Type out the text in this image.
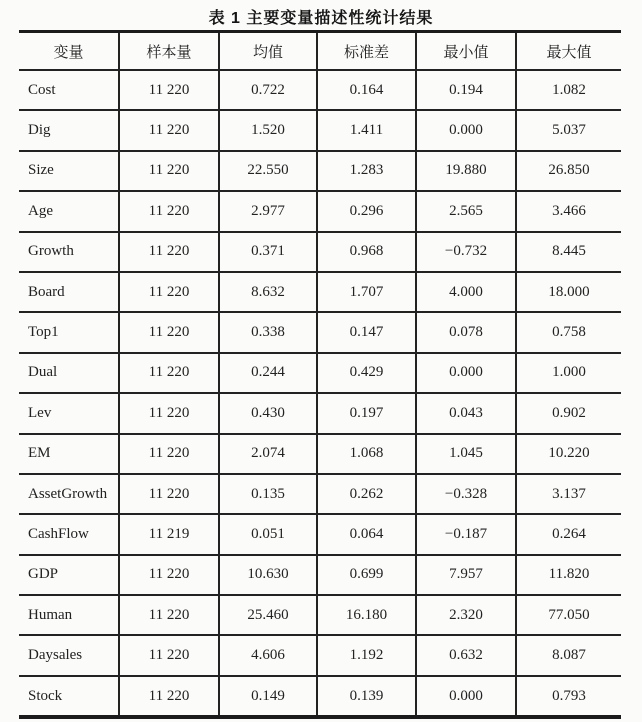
表 1 主要变量描述性统计结果
变量	样本量	均值	标准差	最小值	最大值
Cost	11 220	0.722	0.164	0.194	1.082
Dig	11 220	1.520	1.411	0.000	5.037
Size	11 220	22.550	1.283	19.880	26.850
Age	11 220	2.977	0.296	2.565	3.466
Growth	11 220	0.371	0.968	−0.732	8.445
Board	11 220	8.632	1.707	4.000	18.000
Top1	11 220	0.338	0.147	0.078	0.758
Dual	11 220	0.244	0.429	0.000	1.000
Lev	11 220	0.430	0.197	0.043	0.902
EM	11 220	2.074	1.068	1.045	10.220
AssetGrowth	11 220	0.135	0.262	−0.328	3.137
CashFlow	11 219	0.051	0.064	−0.187	0.264
GDP	11 220	10.630	0.699	7.957	11.820
Human	11 220	25.460	16.180	2.320	77.050
Daysales	11 220	4.606	1.192	0.632	8.087
Stock	11 220	0.149	0.139	0.000	0.793
